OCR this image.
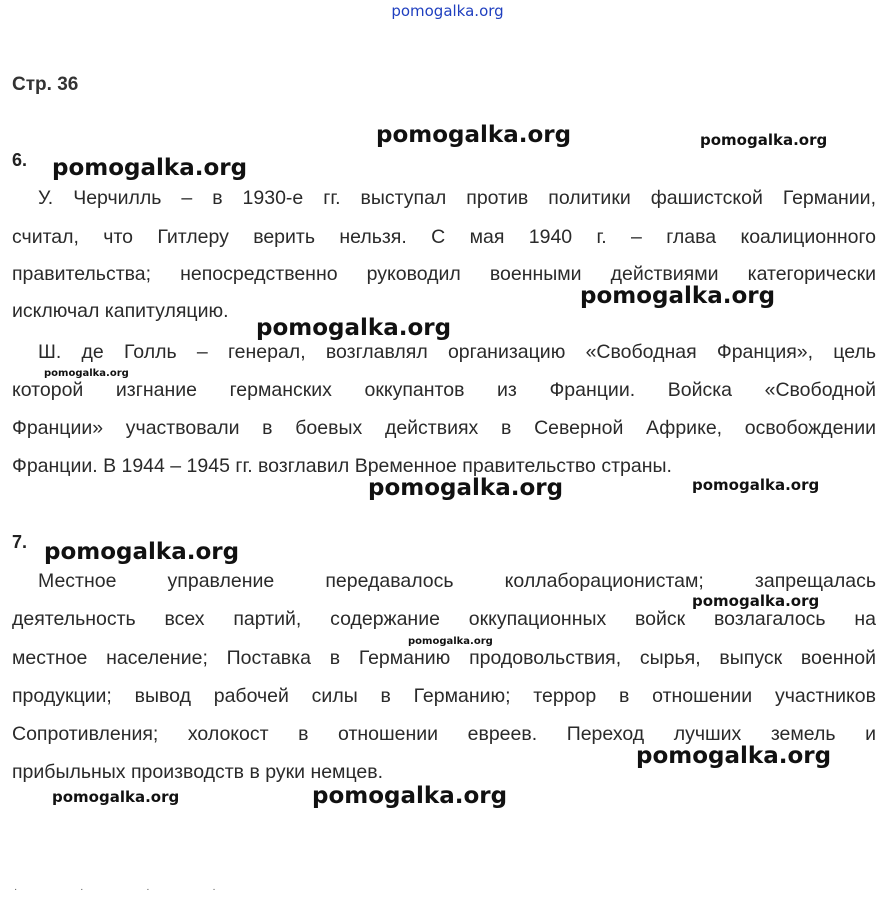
pomogalka.org
Стр. 36
6.
У. Черчилль – в 1930-е гг. выступал против политики фашистской Германии,
считал, что Гитлеру верить нельзя. С мая 1940 г. – глава коалиционного
правительства; непосредственно руководил военными действиями категорически
исключал капитуляцию.
Ш. де Голль – генерал, возглавлял организацию «Свободная Франция», цель
которой изгнание германских оккупантов из Франции. Войска «Свободной
Франции» участвовали в боевых действиях в Северной Африке, освобождении
Франции. В 1944 – 1945 гг. возглавил Временное правительство страны.
7.
Местное управление передавалось коллаборационистам; запрещалась
деятельность всех партий, содержание оккупационных войск возлагалось на
местное население; Поставка в Германию продовольствия, сырья, выпуск военной
продукции; вывод рабочей силы в Германию; террор в отношении участников
Сопротивления; холокост в отношении евреев. Переход лучших земель и
прибыльных производств в руки немцев.
pomogalka.org	pomogalka.org
pomogalka.org
pomogalka.org
pomogalka.org
pomogalka.org
pomogalka.org	pomogalka.org
pomogalka.org
pomogalka.org
pomogalka.org
pomogalka.org
pomogalka.org	pomogalka.org
· · · ·
